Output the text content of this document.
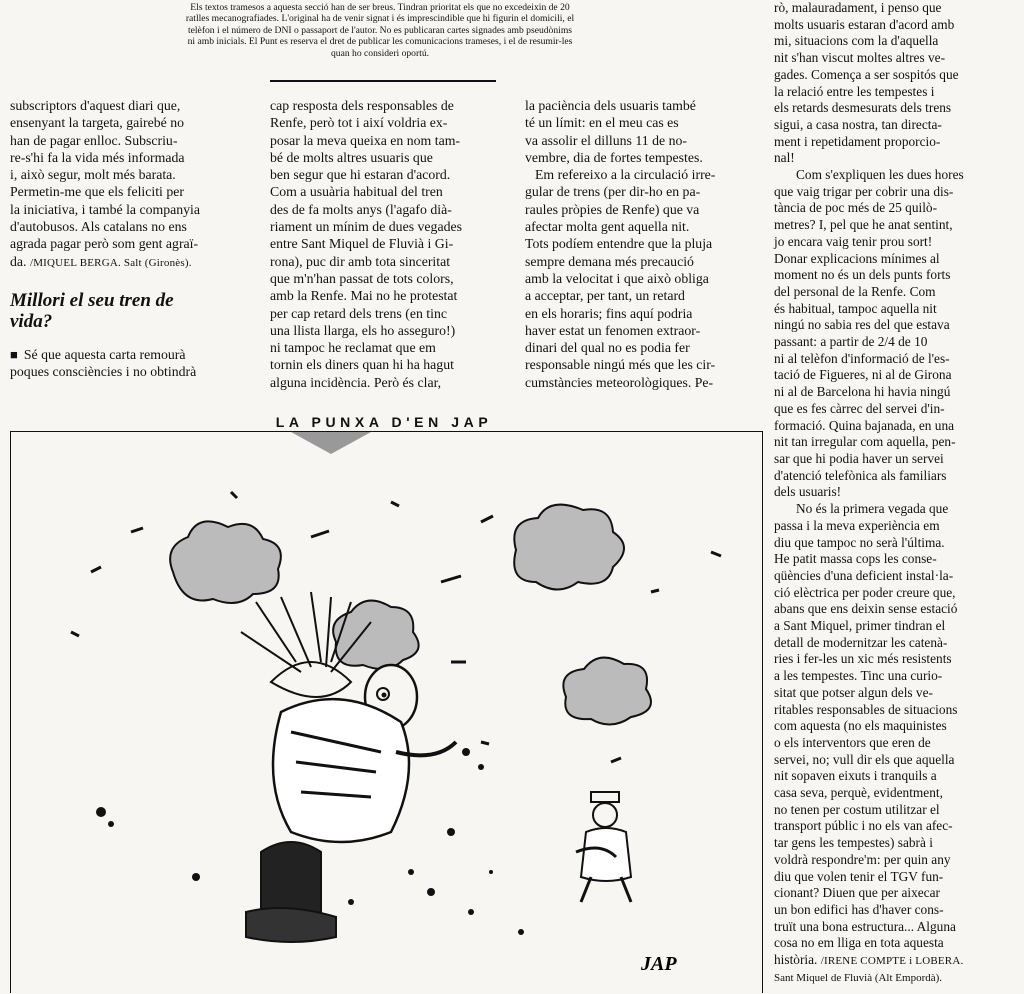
Els textos tramesos a aquesta secció han de ser breus. Tindran prioritat els que no excedeixin de 20
ratlles mecanografiades. L'original ha de venir signat i és imprescindible que hi figurin el domicili, el
telèfon i el número de DNI o passaport de l'autor. No es publicaran cartes signades amb pseudònims
ni amb inicials. El Punt es reserva el dret de publicar les comunicacions trameses, i el de resumir-les
quan ho consideri oportú.
subscriptors d'aquest diari que,
ensenyant la targeta, gairebé no
han de pagar enlloc. Subscriu-
re-s'hi fa la vida més informada
i, això segur, molt més barata.
Permetin-me que els feliciti per
la iniciativa, i també la companyia
d'autobusos. Als catalans no ens
agrada pagar però som gent agraï-
da. /MIQUEL BERGA. Salt (Gironès).
Millori el seu tren de
vida?
■ Sé que aquesta carta remourà
poques consciències i no obtindrà
cap resposta dels responsables de
Renfe, però tot i així voldria ex-
posar la meva queixa en nom tam-
bé de molts altres usuaris que
ben segur que hi estaran d'acord.
Com a usuària habitual del tren
des de fa molts anys (l'agafo dià-
riament un mínim de dues vegades
entre Sant Miquel de Fluvià i Gi-
rona), puc dir amb tota sinceritat
que m'n'han passat de tots colors,
amb la Renfe. Mai no he protestat
per cap retard dels trens (en tinc
una llista llarga, els ho asseguro!)
ni tampoc he reclamat que em
tornin els diners quan hi ha hagut
alguna incidència. Però és clar,
la paciència dels usuaris també
té un límit: en el meu cas es
va assolir el dilluns 11 de no-
vembre, dia de fortes tempestes.
Em refereixo a la circulació irre-
gular de trens (per dir-ho en pa-
raules pròpies de Renfe) que va
afectar molta gent aquella nit.
Tots podíem entendre que la pluja
sempre demana més precaució
amb la velocitat i que això obliga
a acceptar, per tant, un retard
en els horaris; fins aquí podria
haver estat un fenomen extraor-
dinari del qual no es podia fer
responsable ningú més que les cir-
cumstàncies meteorològiques. Pe-
rò, malauradament, i penso que
molts usuaris estaran d'acord amb
mi, situacions com la d'aquella
nit s'han viscut moltes altres ve-
gades. Comença a ser sospitós que
la relació entre les tempestes i
els retards desmesurats dels trens
sigui, a casa nostra, tan directa-
ment i repetidament proporcio-
nal!
Com s'expliquen les dues hores
que vaig trigar per cobrir una dis-
tància de poc més de 25 quilò-
metres? I, pel que he anat sentint,
jo encara vaig tenir prou sort!
Donar explicacions mínimes al
moment no és un dels punts forts
del personal de la Renfe. Com
és habitual, tampoc aquella nit
ningú no sabia res del que estava
passant: a partir de 2/4 de 10
ni al telèfon d'informació de l'es-
tació de Figueres, ni al de Girona
ni al de Barcelona hi havia ningú
que es fes càrrec del servei d'in-
formació. Quina bajanada, en una
nit tan irregular com aquella, pen-
sar que hi podia haver un servei
d'atenció telefònica als familiars
dels usuaris!
No és la primera vegada que
passa i la meva experiència em
diu que tampoc no serà l'última.
He patit massa cops les conse-
qüències d'una deficient instal·la-
ció elèctrica per poder creure que,
abans que ens deixin sense estació
a Sant Miquel, primer tindran el
detall de modernitzar les catenà-
ries i fer-les un xic més resistents
a les tempestes. Tinc una curio-
sitat que potser algun dels ve-
ritables responsables de situacions
com aquesta (no els maquinistes
o els interventors que eren de
servei, no; vull dir els que aquella
nit sopaven eixuts i tranquils a
casa seva, perquè, evidentment,
no tenen per costum utilitzar el
transport públic i no els van afec-
tar gens les tempestes) sabrà i
voldrà respondre'm: per quin any
diu que volen tenir el TGV fun-
cionant? Diuen que per aixecar
un bon edifici has d'haver cons-
truït una bona estructura... Alguna
cosa no em lliga en tota aquesta
història. /IRENE COMPTE i LOBERA.
Sant Miquel de Fluvià (Alt Empordà).
LA PUNXA D'EN JAP
JAP
